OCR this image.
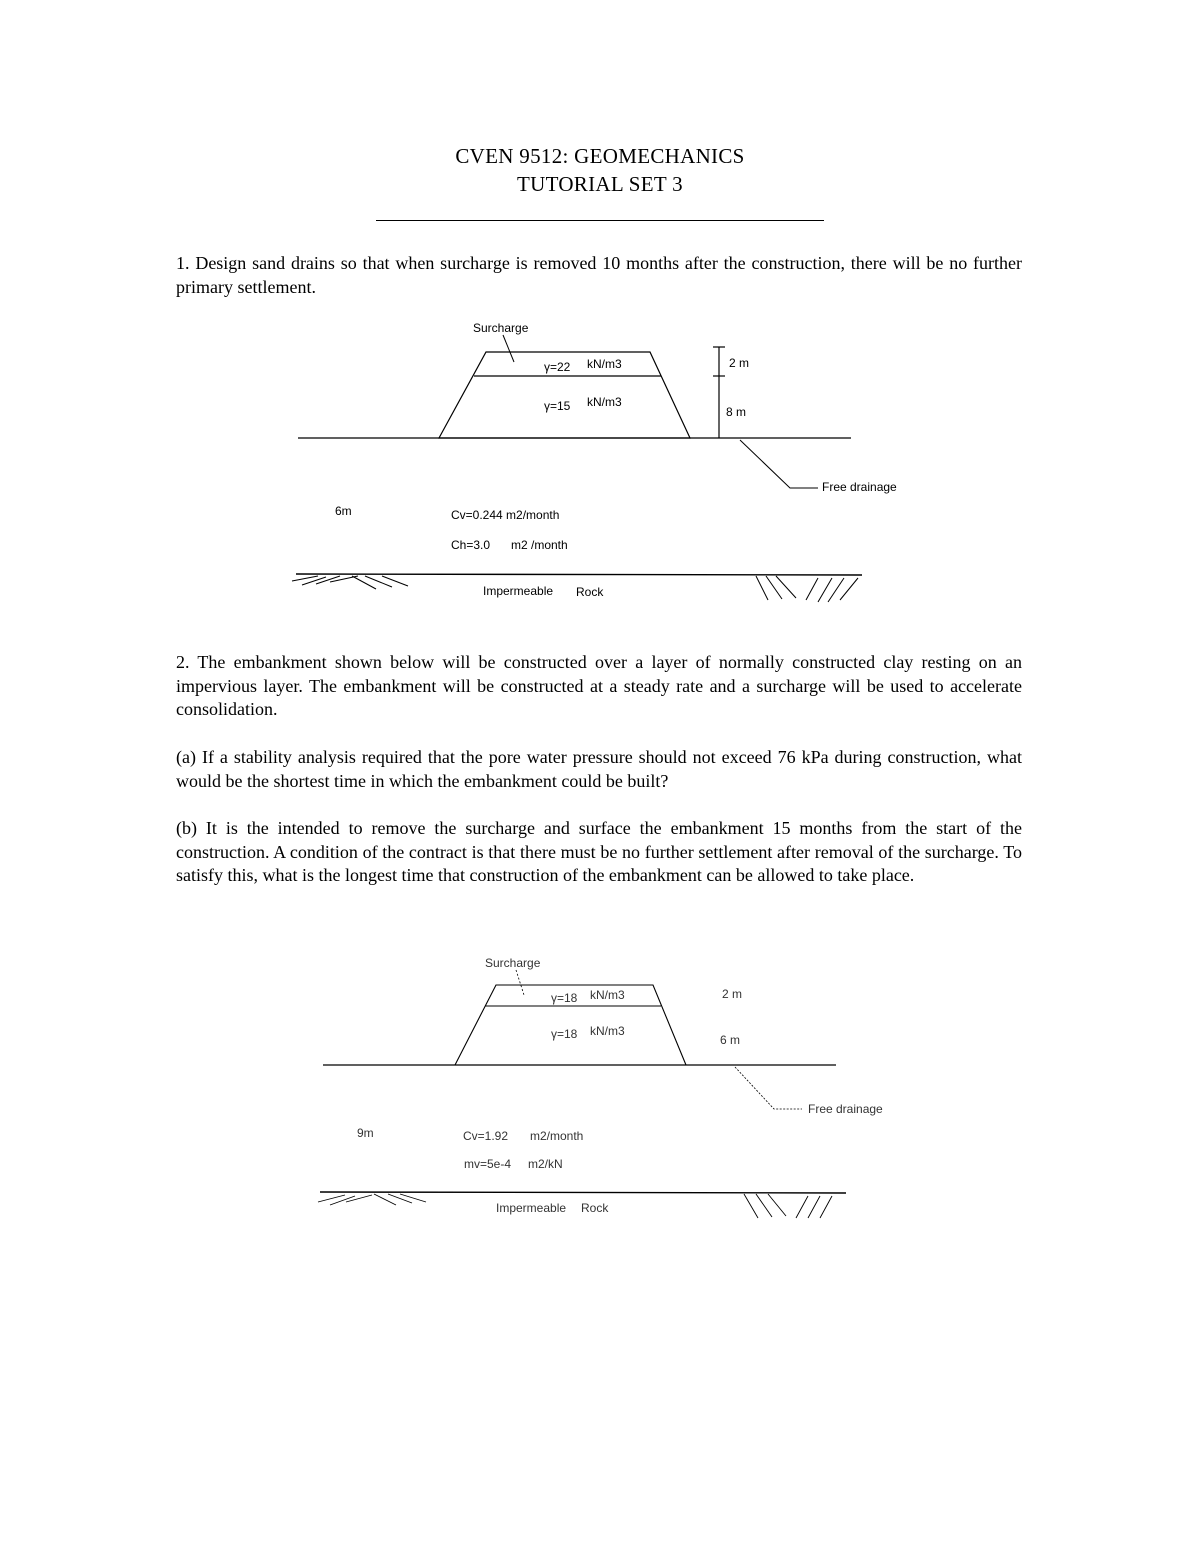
CVEN 9512: GEOMECHANICS
TUTORIAL SET 3
1. Design sand drains so that when surcharge is removed 10 months after the construction, there will be no further primary settlement.
Surcharge
γ=22 kN/m3
γ=15 kN/m3
2 m
8 m
Free drainage
6m	Cv=0.244 m2/month
Ch=3.0 m2 /month
Impermeable Rock
2. The embankment shown below will be constructed over a layer of normally constructed clay resting on an impervious layer. The embankment will be constructed at a steady rate and a surcharge will be used to accelerate consolidation.
(a) If a stability analysis required that the pore water pressure should not exceed 76 kPa during construction, what would be the shortest time in which the embankment could be built?
(b) It is the intended to remove the surcharge and surface the embankment 15 months from the start of the construction. A condition of the contract is that there must be no further settlement after removal of the surcharge. To satisfy this, what is the longest time that construction of the embankment can be allowed to take place.
Surcharge
γ=18 kN/m3
γ=18 kN/m3
2 m
6 m
Free drainage
9m	Cv=1.92 m2/month
mv=5e-4 m2/kN
Impermeable Rock
